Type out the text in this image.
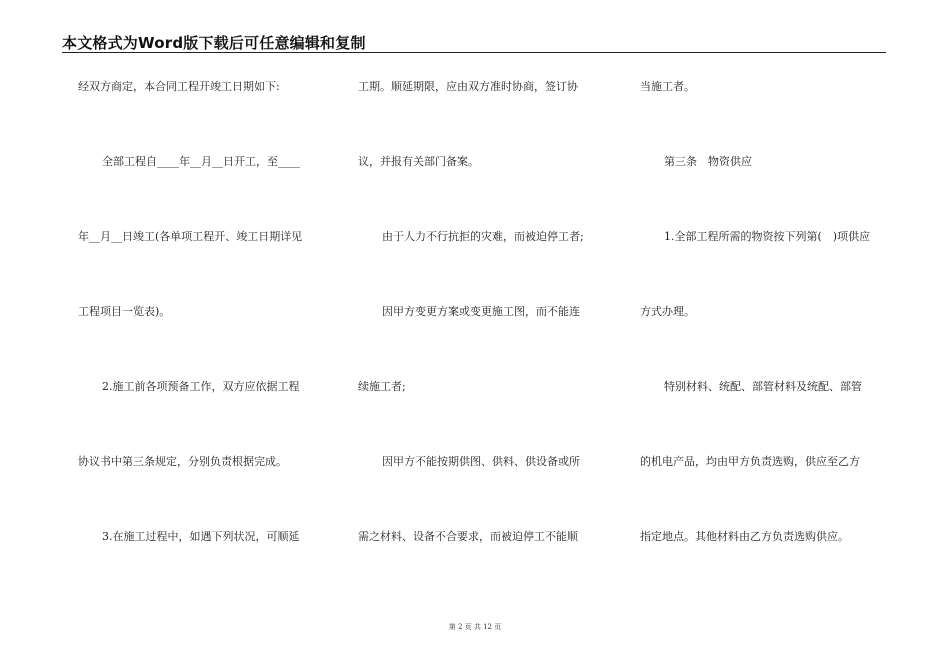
本文格式为Word版下载后可任意编辑和复制
经双方商定，本合同工程开竣工日期如下:
全部工程自____年__月__日开工，至____
年__月__日竣工(各单项工程开、竣工日期详见
工程项目一览表)。
2.施工前各项预备工作，双方应依据工程
协议书中第三条规定，分别负责根据完成。
3.在施工过程中，如遇下列状况，可顺延
工期。顺延期限，应由双方准时协商，签订协
议，并报有关部门备案。
由于人力不行抗拒的灾难，而被迫停工者;
因甲方变更方案或变更施工图，而不能连
续施工者;
因甲方不能按期供图、供料、供设备或所
需之材料、设备不合要求，而被迫停工不能顺
当施工者。
第三条　物资供应
1.全部工程所需的物资按下列第(　)项供应
方式办理。
特别材料、统配、部管材料及统配、部管
的机电产品，均由甲方负责选购，供应至乙方
指定地点。其他材料由乙方负责选购供应。
第 2 页 共 12 页
